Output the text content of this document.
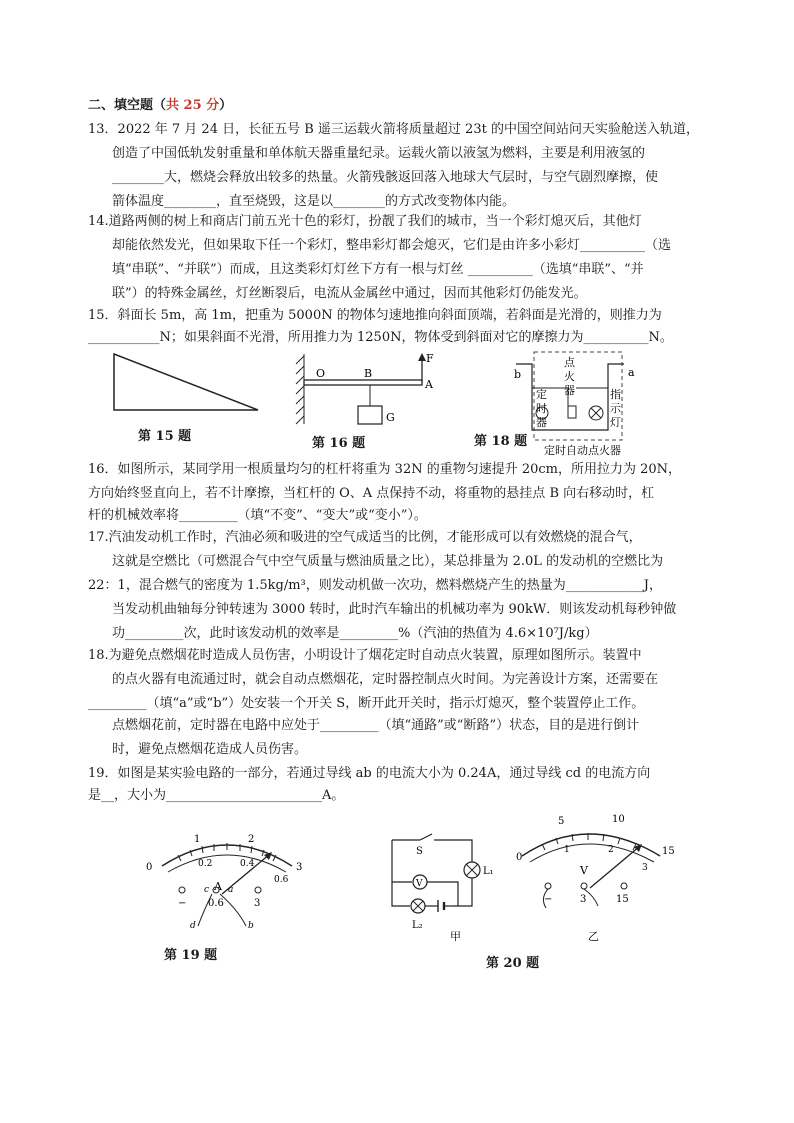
二、填空题（共 25 分）
13．2022 年 7 月 24 日，长征五号 B 遥三运载火箭将质量超过 23t 的中国空间站问天实验舱送入轨道，
创造了中国低轨发射重量和单体航天器重量纪录。运载火箭以液氢为燃料，主要是利用液氢的
________大，燃烧会释放出较多的热量。火箭残骸返回落入地球大气层时，与空气剧烈摩擦，使
箭体温度________，直至烧毁，这是以________的方式改变物体内能。
14.道路两侧的树上和商店门前五光十色的彩灯，扮靓了我们的城市，当一个彩灯熄灭后，其他灯
却能依然发光，但如果取下任一个彩灯，整串彩灯都会熄灭，它们是由许多小彩灯__________（选
填“串联”、“并联”）而成，且这类彩灯灯丝下方有一根与灯丝 __________（选填“串联”、“并
联”）的特殊金属丝，灯丝断裂后，电流从金属丝中通过，因而其他彩灯仍能发光。
15．斜面长 5m，高 1m，把重为 5000N 的物体匀速地推向斜面顶端，若斜面是光滑的，则推力为
___________N；如果斜面不光滑，所用推力为 1250N，物体受到斜面对它的摩擦力为__________N。
第 15 题
O	B
A
F
G
第 16 题
b	a
点
火
器
定
时
器
指
示
灯
定时自动点火器
第 18 题
16．如图所示，某同学用一根质量均匀的杠杆将重为 32N 的重物匀速提升 20cm，所用拉力为 20N，
方向始终竖直向上，若不计摩擦，当杠杆的 O、A 点保持不动，将重物的悬挂点 B 向右移动时，杠
杆的机械效率将_________（填“不变”、“变大”或“变小”）。
17.汽油发动机工作时，汽油必须和吸进的空气成适当的比例，才能形成可以有效燃烧的混合气，
这就是空燃比（可燃混合气中空气质量与燃油质量之比），某总排量为 2.0L 的发动机的空燃比为
22：1，混合燃气的密度为 1.5kg/m³，则发动机做一次功，燃料燃烧产生的热量为____________J，
当发动机曲轴每分钟转速为 3000 转时，此时汽车输出的机械功率为 90kW．则该发动机每秒钟做
功_________次，此时该发动机的效率是_________%（汽油的热值为 4.6×10⁷J/kg）
18.为避免点燃烟花时造成人员伤害，小明设计了烟花定时自动点火装置，原理如图所示。装置中
的点火器有电流通过时，就会自动点燃烟花，定时器控制点火时间。为完善设计方案，还需要在
_________（填“a”或“b”）处安装一个开关 S，断开此开关时，指示灯熄灭，整个装置停止工作。
点燃烟花前，定时器在电路中应处于_________（填“通路”或“断路”）状态，目的是进行倒计
时，避免点燃烟花造成人员伤害。
19．如图是某实验电路的一部分，若通过导线 ab 的电流大小为 0.24A，通过导线 cd 的电流方向
是__，大小为________________________A。
0
1	2
3
0.2	0.4
0.6
A
− 0.6	3
c a
d	b
第 19 题
S
V
L₁
L₂
甲
0
5	10
15
1	2
3
V
−	3	15
乙
第 20 题
